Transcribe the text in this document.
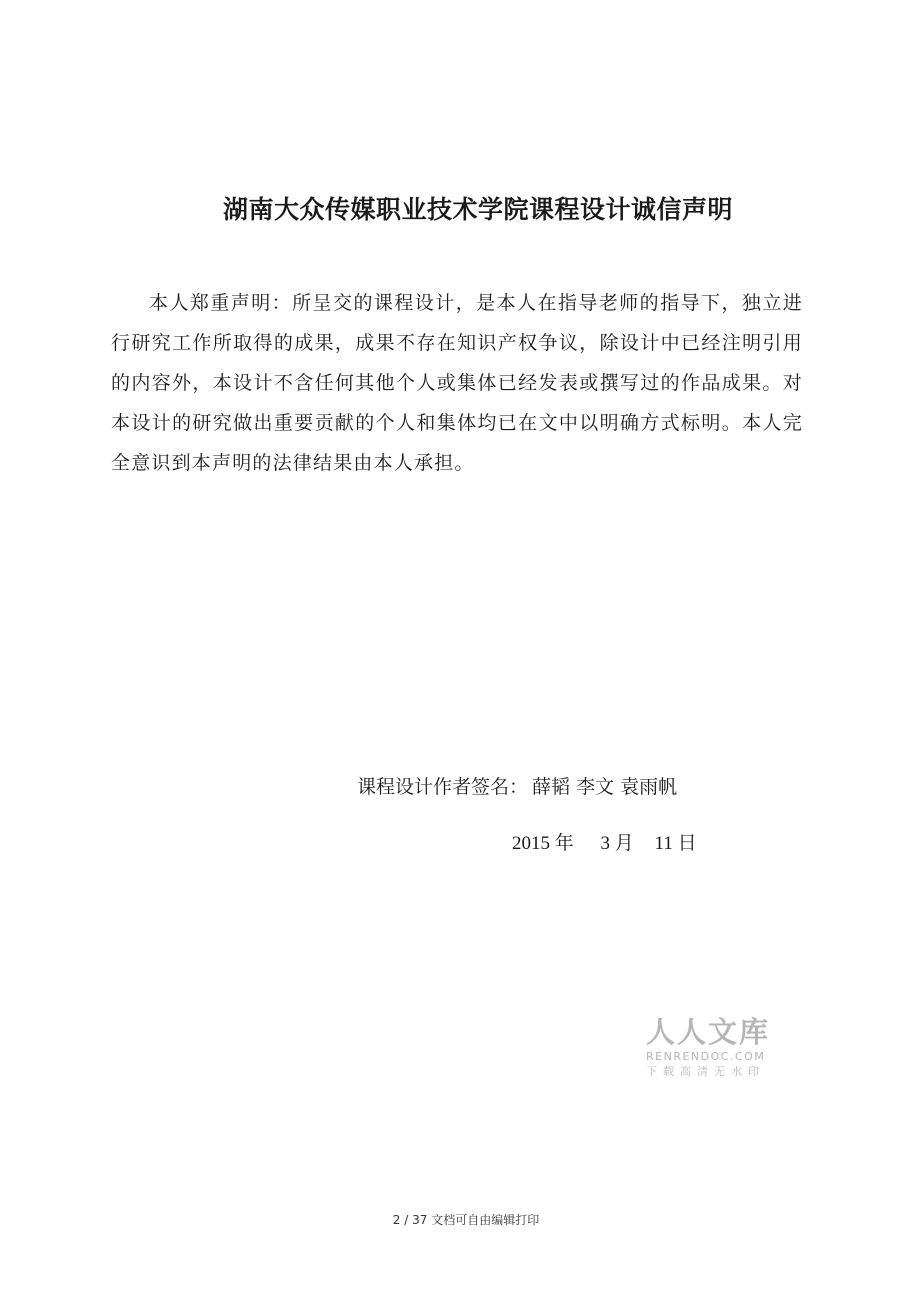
湖南大众传媒职业技术学院课程设计诚信声明

本人郑重声明：所呈交的课程设计，是本人在指导老师的指导下，独立进行研究工作所取得的成果，成果不存在知识产权争议，除设计中已经注明引用的内容外，本设计不含任何其他个人或集体已经发表或撰写过的作品成果。对本设计的研究做出重要贡献的个人和集体均已在文中以明确方式标明。本人完全意识到本声明的法律结果由本人承担。

课程设计作者签名： 薛韬 李文 袁雨帆
2015 年 3 月 11 日
人人文库
RENRENDOC.COM
下载高清无水印
2 / 37 文档可自由编辑打印
